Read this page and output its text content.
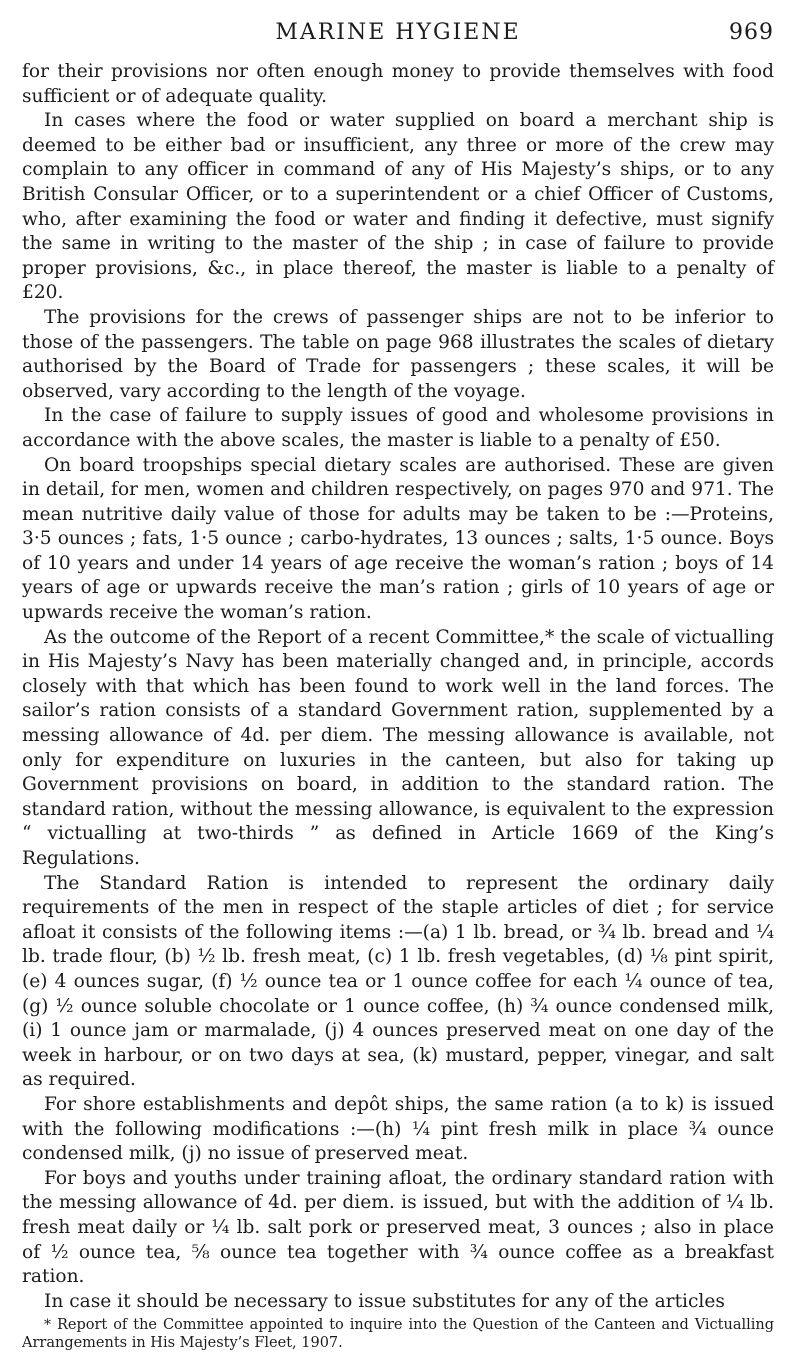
MARINE HYGIENE	969

for their provisions nor often enough money to provide themselves with food sufficient or of adequate quality.

In cases where the food or water supplied on board a merchant ship is deemed to be either bad or insufficient, any three or more of the crew may complain to any officer in command of any of His Majesty’s ships, or to any British Consular Officer, or to a superintendent or a chief Officer of Customs, who, after examining the food or water and finding it defective, must signify the same in writing to the master of the ship ; in case of failure to provide proper provisions, &c., in place thereof, the master is liable to a penalty of £20.

The provisions for the crews of passenger ships are not to be inferior to those of the passengers. The table on page 968 illustrates the scales of dietary authorised by the Board of Trade for passengers ; these scales, it will be observed, vary according to the length of the voyage.

In the case of failure to supply issues of good and wholesome provisions in accordance with the above scales, the master is liable to a penalty of £50.

On board troopships special dietary scales are authorised. These are given in detail, for men, women and children respectively, on pages 970 and 971. The mean nutritive daily value of those for adults may be taken to be :—Proteins, 3·5 ounces ; fats, 1·5 ounce ; carbo-hydrates, 13 ounces ; salts, 1·5 ounce. Boys of 10 years and under 14 years of age receive the woman’s ration ; boys of 14 years of age or upwards receive the man’s ration ; girls of 10 years of age or upwards receive the woman’s ration.

As the outcome of the Report of a recent Committee,* the scale of victualling in His Majesty’s Navy has been materially changed and, in principle, accords closely with that which has been found to work well in the land forces. The sailor’s ration consists of a standard Government ration, supplemented by a messing allowance of 4d. per diem. The messing allowance is available, not only for expenditure on luxuries in the canteen, but also for taking up Government provisions on board, in addition to the standard ration. The standard ration, without the messing allowance, is equivalent to the expression “ victualling at two-thirds ” as defined in Article 1669 of the King’s Regulations.

The Standard Ration is intended to represent the ordinary daily requirements of the men in respect of the staple articles of diet ; for service afloat it consists of the following items :—(a) 1 lb. bread, or ¾ lb. bread and ¼ lb. trade flour, (b) ½ lb. fresh meat, (c) 1 lb. fresh vegetables, (d) ⅛ pint spirit, (e) 4 ounces sugar, (f) ½ ounce tea or 1 ounce coffee for each ¼ ounce of tea, (g) ½ ounce soluble chocolate or 1 ounce coffee, (h) ¾ ounce condensed milk, (i) 1 ounce jam or marmalade, (j) 4 ounces preserved meat on one day of the week in harbour, or on two days at sea, (k) mustard, pepper, vinegar, and salt as required.

For shore establishments and depôt ships, the same ration (a to k) is issued with the following modifications :—(h) ¼ pint fresh milk in place ¾ ounce condensed milk, (j) no issue of preserved meat.

For boys and youths under training afloat, the ordinary standard ration with the messing allowance of 4d. per diem. is issued, but with the addition of ¼ lb. fresh meat daily or ¼ lb. salt pork or preserved meat, 3 ounces ; also in place of ½ ounce tea, ⅝ ounce tea together with ¾ ounce coffee as a breakfast ration.

In case it should be necessary to issue substitutes for any of the articles

* Report of the Committee appointed to inquire into the Question of the Canteen and Victualling Arrangements in His Majesty’s Fleet, 1907.
